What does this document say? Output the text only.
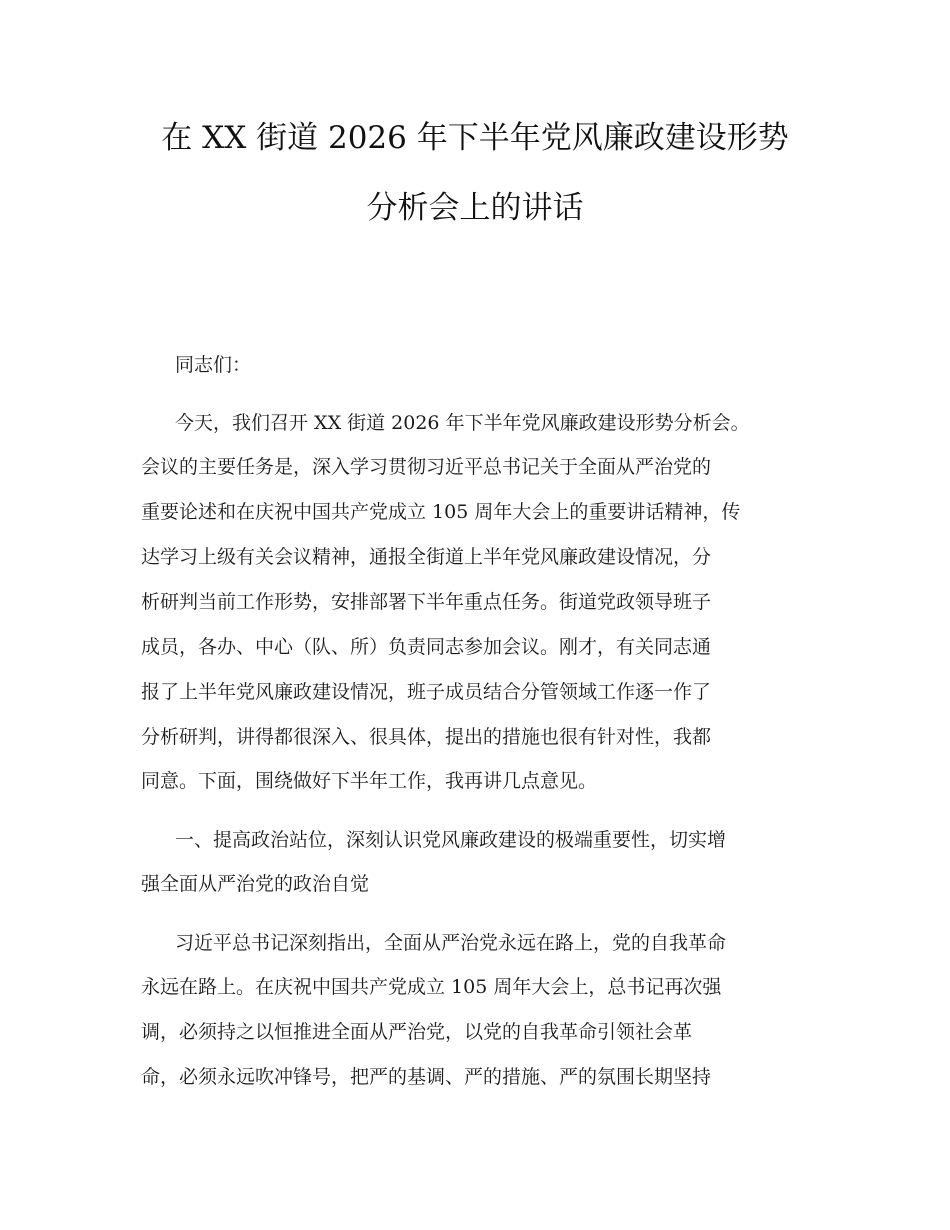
在 XX 街道 2026 年下半年党风廉政建设形势
分析会上的讲话
同志们：
今天，我们召开 XX 街道 2026 年下半年党风廉政建设形势分析会。
会议的主要任务是，深入学习贯彻习近平总书记关于全面从严治党的
重要论述和在庆祝中国共产党成立 105 周年大会上的重要讲话精神，传
达学习上级有关会议精神，通报全街道上半年党风廉政建设情况，分
析研判当前工作形势，安排部署下半年重点任务。街道党政领导班子
成员，各办、中心（队、所）负责同志参加会议。刚才，有关同志通
报了上半年党风廉政建设情况，班子成员结合分管领域工作逐一作了
分析研判，讲得都很深入、很具体，提出的措施也很有针对性，我都
同意。下面，围绕做好下半年工作，我再讲几点意见。
一、提高政治站位，深刻认识党风廉政建设的极端重要性，切实增
强全面从严治党的政治自觉
习近平总书记深刻指出，全面从严治党永远在路上，党的自我革命
永远在路上。在庆祝中国共产党成立 105 周年大会上，总书记再次强
调，必须持之以恒推进全面从严治党，以党的自我革命引领社会革
命，必须永远吹冲锋号，把严的基调、严的措施、严的氛围长期坚持
